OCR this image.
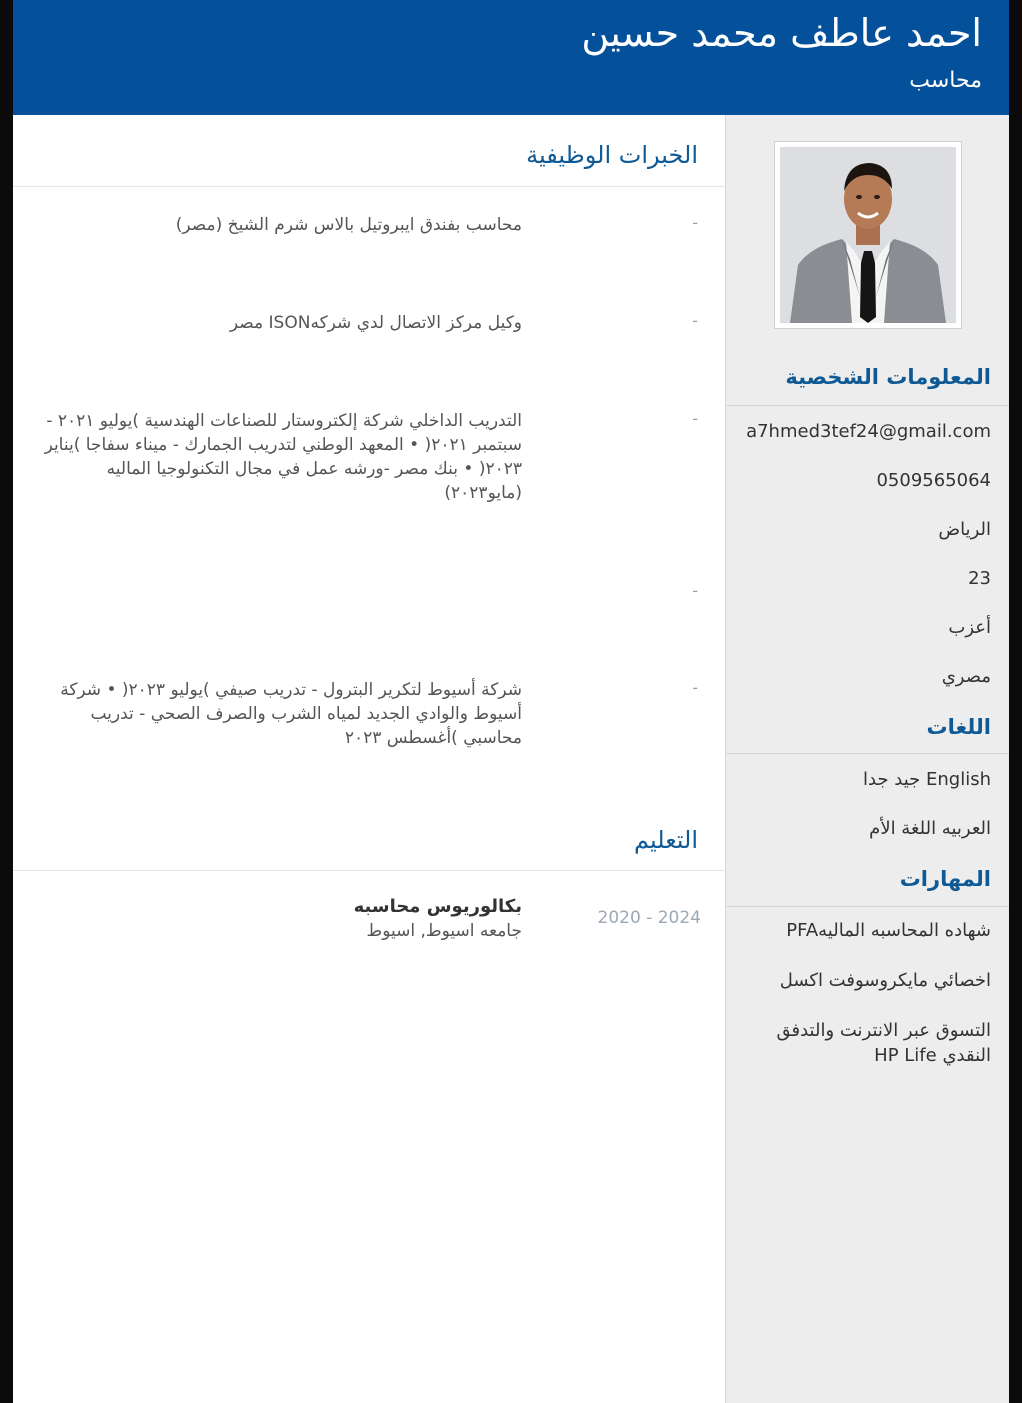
احمد عاطف محمد حسين
محاسب
الخبرات الوظيفية
-
محاسب بفندق ايبروتيل بالاس شرم الشيخ (مصر)
-
وكيل مركز الاتصال لدي شركهISON مصر
-
التدريب الداخلي شركة إلكتروستار للصناعات الهندسية )يوليو ٢٠٢١ - سبتمبر ٢٠٢١( • المعهد الوطني لتدريب الجمارك - ميناء سفاجا )يناير ٢٠٢٣( • بنك مصر -ورشه عمل في مجال التكنولوجيا الماليه (مايو٢٠٢٣)
-
-
شركة أسيوط لتكرير البترول - تدريب صيفي )يوليو ٢٠٢٣( • شركة أسيوط والوادي الجديد لمياه الشرب والصرف الصحي - تدريب محاسبي )أغسطس ٢٠٢٣
التعليم
2020 - 2024
بكالوريوس محاسبه
جامعه اسيوط, اسيوط
المعلومات الشخصية
a7hmed3tef24@gmail.com
0509565064
الرياض
23
أعزب
مصري
اللغات
English جيد جدا
العربيه اللغة الأم
المهارات
شهاده المحاسبه الماليهPFA
اخصائي مايكروسوفت اكسل
التسوق عبر الانترنت والتدفق النقدي HP Life
